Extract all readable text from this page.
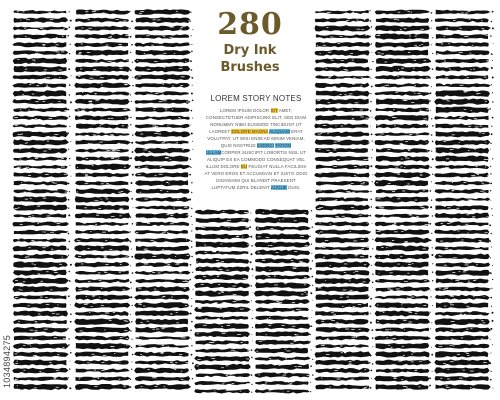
280
Dry Ink
Brushes
LOREM STORY NOTES
LOREM IPSUM DOLOR SIT AMET, CONSECTETUER ADIPISCING ELIT, SED DIAM NONUMMY NIBH EUISMOD TINCIDUNT UT LAOREET DOLORE MAGNA ALIQUAM ERAT VOLUTPAT. UT WISI ENIM AD MINIM VENIAM, QUIS NOSTRUD EXERCI TATION ULLAMCORPER SUSCIPIT LOBORTIS NISL UT ALIQUIP EX EA COMMODO CONSEQUAT VEL ILLUM DOLORE EU FEUGIAT NULLA FACILISIS AT VERO EROS ET ACCUMSAN ET IUSTO ODIO DIGNISSIM QUI BLANDIT PRAESENT LUPTATUM ZZRIL DELENIT AUGUE DUIS.
1034894275
